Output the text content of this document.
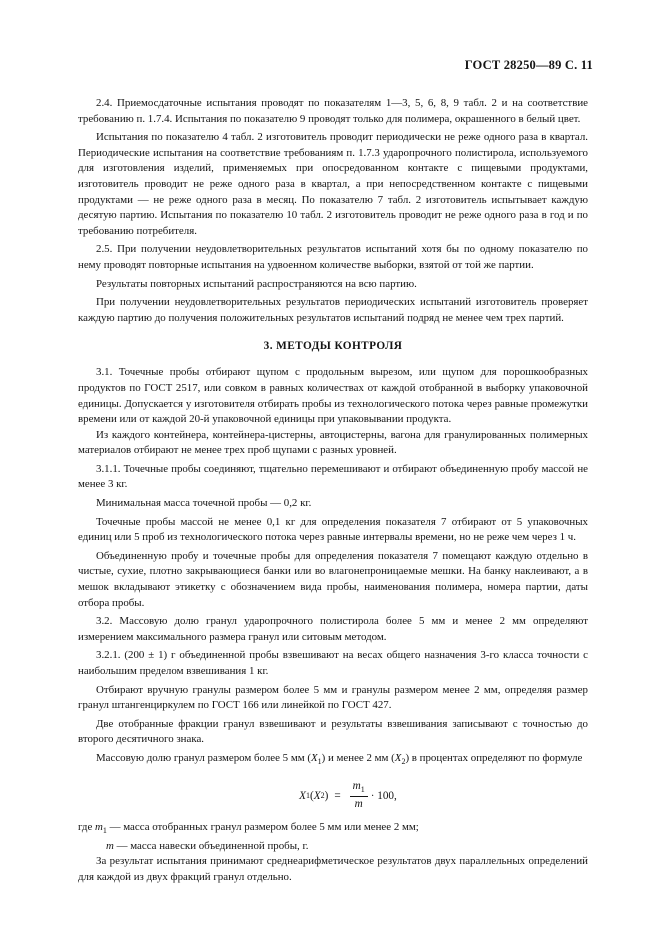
ГОСТ 28250—89 С. 11

2.4. Приемосдаточные испытания проводят по показателям 1—3, 5, 6, 8, 9 табл. 2 и на соответствие требованию п. 1.7.4. Испытания по показателю 9 проводят только для полимера, окрашенного в белый цвет.

Испытания по показателю 4 табл. 2 изготовитель проводит периодически не реже одного раза в квартал. Периодические испытания на соответствие требованиям п. 1.7.3 ударопрочного полистирола, используемого для изготовления изделий, применяемых при опосредованном контакте с пищевыми продуктами, изготовитель проводит не реже одного раза в квартал, а при непосредственном контакте с пищевыми продуктами — не реже одного раза в месяц. По показателю 7 табл. 2 изготовитель испытывает каждую десятую партию. Испытания по показателю 10 табл. 2 изготовитель проводит не реже одного раза в год и по требованию потребителя.

2.5. При получении неудовлетворительных результатов испытаний хотя бы по одному показателю по нему проводят повторные испытания на удвоенном количестве выборки, взятой от той же партии.

Результаты повторных испытаний распространяются на всю партию.

При получении неудовлетворительных результатов периодических испытаний изготовитель проверяет каждую партию до получения положительных результатов испытаний подряд не менее чем трех партий.

3. МЕТОДЫ КОНТРОЛЯ

3.1. Точечные пробы отбирают щупом с продольным вырезом, или щупом для порошкообразных продуктов по ГОСТ 2517, или совком в равных количествах от каждой отобранной в выборку упаковочной единицы. Допускается у изготовителя отбирать пробы из технологического потока через равные промежутки времени или от каждой 20-й упаковочной единицы при упаковывании продукта.

Из каждого контейнера, контейнера-цистерны, автоцистерны, вагона для гранулированных полимерных материалов отбирают не менее трех проб щупами с разных уровней.

3.1.1. Точечные пробы соединяют, тщательно перемешивают и отбирают объединенную пробу массой не менее 3 кг.

Минимальная масса точечной пробы — 0,2 кг.

Точечные пробы массой не менее 0,1 кг для определения показателя 7 отбирают от 5 упаковочных единиц или 5 проб из технологического потока через равные интервалы времени, но не реже чем через 1 ч.

Объединенную пробу и точечные пробы для определения показателя 7 помещают каждую отдельно в чистые, сухие, плотно закрывающиеся банки или во влагонепроницаемые мешки. На банку наклеивают, а в мешок вкладывают этикетку с обозначением вида пробы, наименования полимера, номера партии, даты отбора пробы.

3.2. Массовую долю гранул ударопрочного полистирола более 5 мм и менее 2 мм определяют измерением максимального размера гранул или ситовым методом.

3.2.1. (200 ± 1) г объединенной пробы взвешивают на весах общего назначения 3-го класса точности с наибольшим пределом взвешивания 1 кг.

Отбирают вручную гранулы размером более 5 мм и гранулы размером менее 2 мм, определяя размер гранул штангенциркулем по ГОСТ 166 или линейкой по ГОСТ 427.

Две отобранные фракции гранул взвешивают и результаты взвешивания записывают с точностью до второго десятичного знака.

Массовую долю гранул размером более 5 мм $(X_1)$ и менее 2 мм $(X_2)$ в процентах определяют по формуле

X 1 ( X 2 ) = $\frac{m_1}{m} \cdot 100$,

где $m_1$ — масса отобранных гранул размером более 5 мм или менее 2 мм;

m — масса навески объединенной пробы, г.

За результат испытания принимают среднеарифметическое результатов двух параллельных определений для каждой из двух фракций гранул отдельно.
